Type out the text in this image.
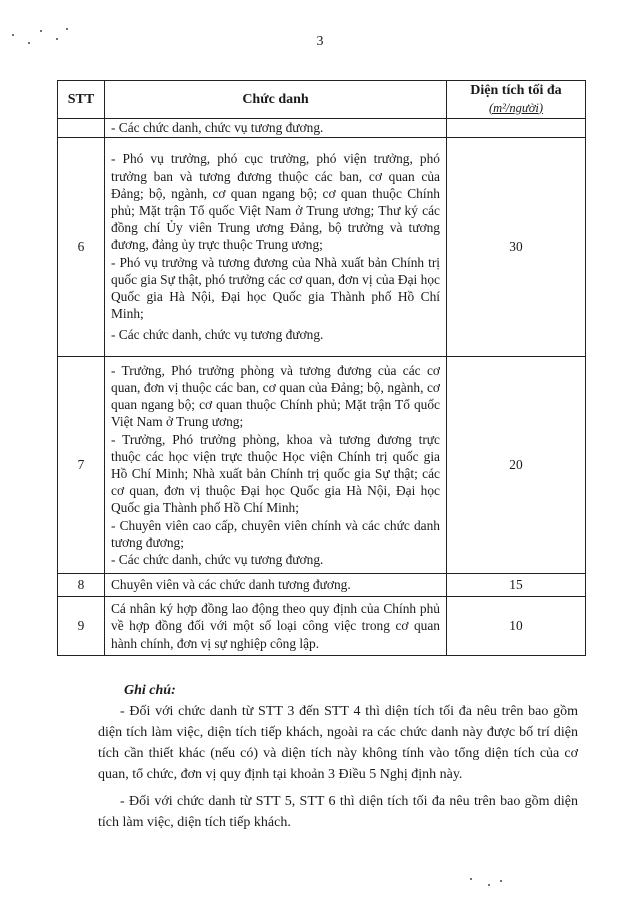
3
STT	Chức danh	Diện tích tối đa
(m²/người)

	- Các chức danh, chức vụ tương đương.	
6	- Phó vụ trưởng, phó cục trưởng, phó viện trưởng, phó trưởng ban và tương đương thuộc các ban, cơ quan của Đảng; bộ, ngành, cơ quan ngang bộ; cơ quan thuộc Chính phủ; Mặt trận Tổ quốc Việt Nam ở Trung ương; Thư ký các đồng chí Ủy viên Trung ương Đảng, bộ trưởng và tương đương, đảng ủy trực thuộc Trung ương;
- Phó vụ trưởng và tương đương của Nhà xuất bản Chính trị quốc gia Sự thật, phó trưởng các cơ quan, đơn vị của Đại học Quốc gia Hà Nội, Đại học Quốc gia Thành phố Hồ Chí Minh;
- Các chức danh, chức vụ tương đương.	30
7	- Trưởng, Phó trưởng phòng và tương đương của các cơ quan, đơn vị thuộc các ban, cơ quan của Đảng; bộ, ngành, cơ quan ngang bộ; cơ quan thuộc Chính phủ; Mặt trận Tổ quốc Việt Nam ở Trung ương;
- Trưởng, Phó trưởng phòng, khoa và tương đương trực thuộc các học viện trực thuộc Học viện Chính trị quốc gia Hồ Chí Minh; Nhà xuất bản Chính trị quốc gia Sự thật; các cơ quan, đơn vị thuộc Đại học Quốc gia Hà Nội, Đại học Quốc gia Thành phố Hồ Chí Minh;
- Chuyên viên cao cấp, chuyên viên chính và các chức danh tương đương;
- Các chức danh, chức vụ tương đương.	20
8	Chuyên viên và các chức danh tương đương.	15
9	Cá nhân ký hợp đồng lao động theo quy định của Chính phủ về hợp đồng đối với một số loại công việc trong cơ quan hành chính, đơn vị sự nghiệp công lập.	10
Ghi chú:

- Đối với chức danh từ STT 3 đến STT 4 thì diện tích tối đa nêu trên bao gồm diện tích làm việc, diện tích tiếp khách, ngoài ra các chức danh này được bố trí diện tích cần thiết khác (nếu có) và diện tích này không tính vào tổng diện tích của cơ quan, tổ chức, đơn vị quy định tại khoản 3 Điều 5 Nghị định này.

- Đối với chức danh từ STT 5, STT 6 thì diện tích tối đa nêu trên bao gồm diện tích làm việc, diện tích tiếp khách.
